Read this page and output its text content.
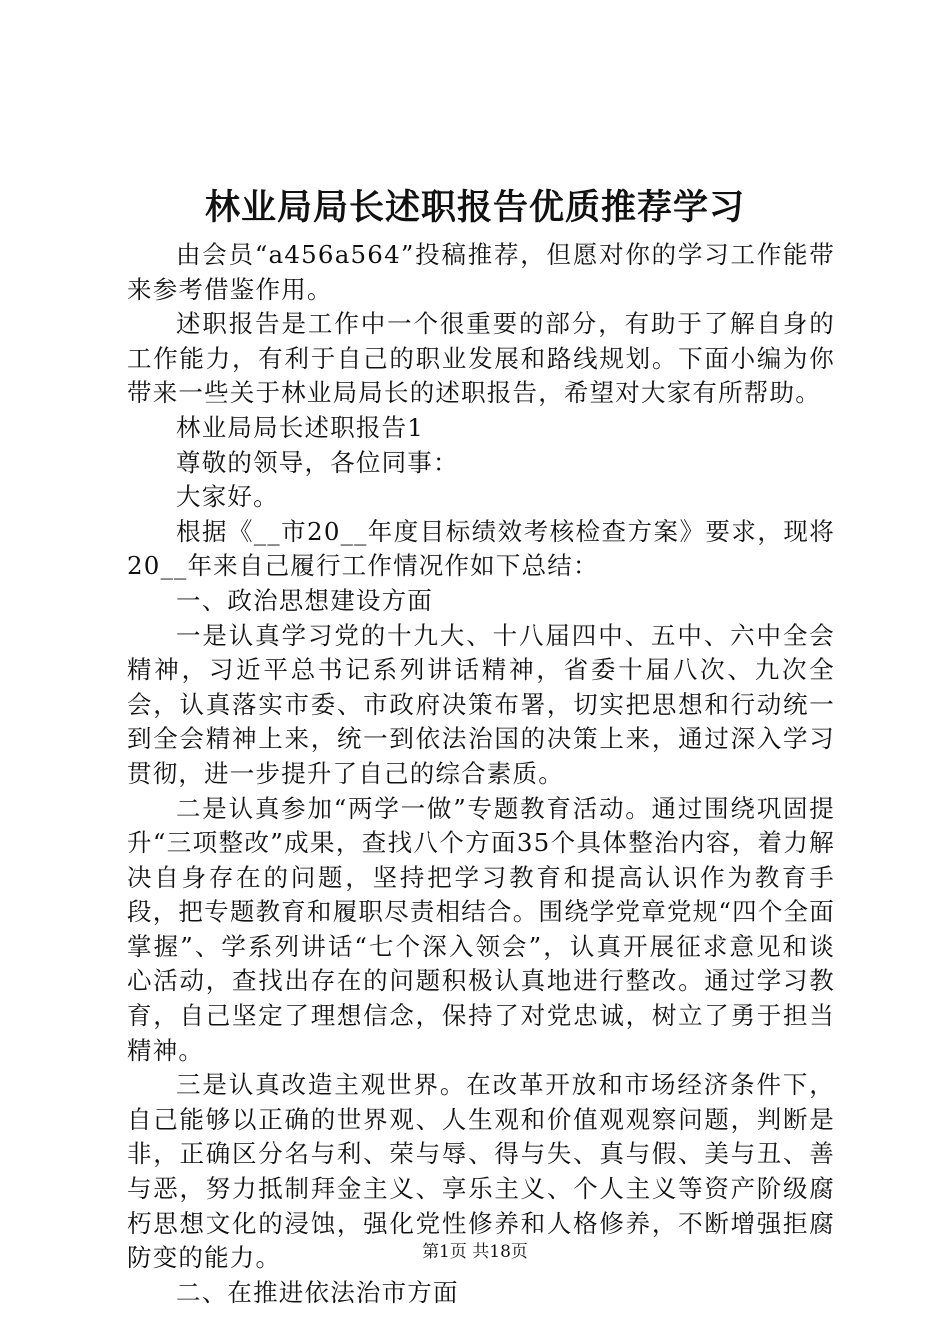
林业局局长述职报告优质推荐学习

由会员“a456a564”投稿推荐，但愿对你的学习工作能带来参考借鉴作用。

述职报告是工作中一个很重要的部分，有助于了解自身的工作能力，有利于自己的职业发展和路线规划。下面小编为你带来一些关于林业局局长的述职报告，希望对大家有所帮助。

林业局局长述职报告1

尊敬的领导，各位同事：

大家好。

根据《__市20__年度目标绩效考核检查方案》要求，现将20__年来自己履行工作情况作如下总结：

一、政治思想建设方面

一是认真学习党的十九大、十八届四中、五中、六中全会精神，习近平总书记系列讲话精神，省委十届八次、九次全会，认真落实市委、市政府决策布署，切实把思想和行动统一到全会精神上来，统一到依法治国的决策上来，通过深入学习贯彻，进一步提升了自己的综合素质。

二是认真参加“两学一做”专题教育活动。通过围绕巩固提升“三项整改”成果，查找八个方面35个具体整治内容，着力解决自身存在的问题，坚持把学习教育和提高认识作为教育手段，把专题教育和履职尽责相结合。围绕学党章党规“四个全面掌握”、学系列讲话“七个深入领会”，认真开展征求意见和谈心活动，查找出存在的问题积极认真地进行整改。通过学习教育，自己坚定了理想信念，保持了对党忠诚，树立了勇于担当精神。

三是认真改造主观世界。在改革开放和市场经济条件下，自己能够以正确的世界观、人生观和价值观观察问题，判断是非，正确区分名与利、荣与辱、得与失、真与假、美与丑、善与恶，努力抵制拜金主义、享乐主义、个人主义等资产阶级腐朽思想文化的浸蚀，强化党性修养和人格修养，不断增强拒腐防变的能力。

二、在推进依法治市方面

第1页 共18页
